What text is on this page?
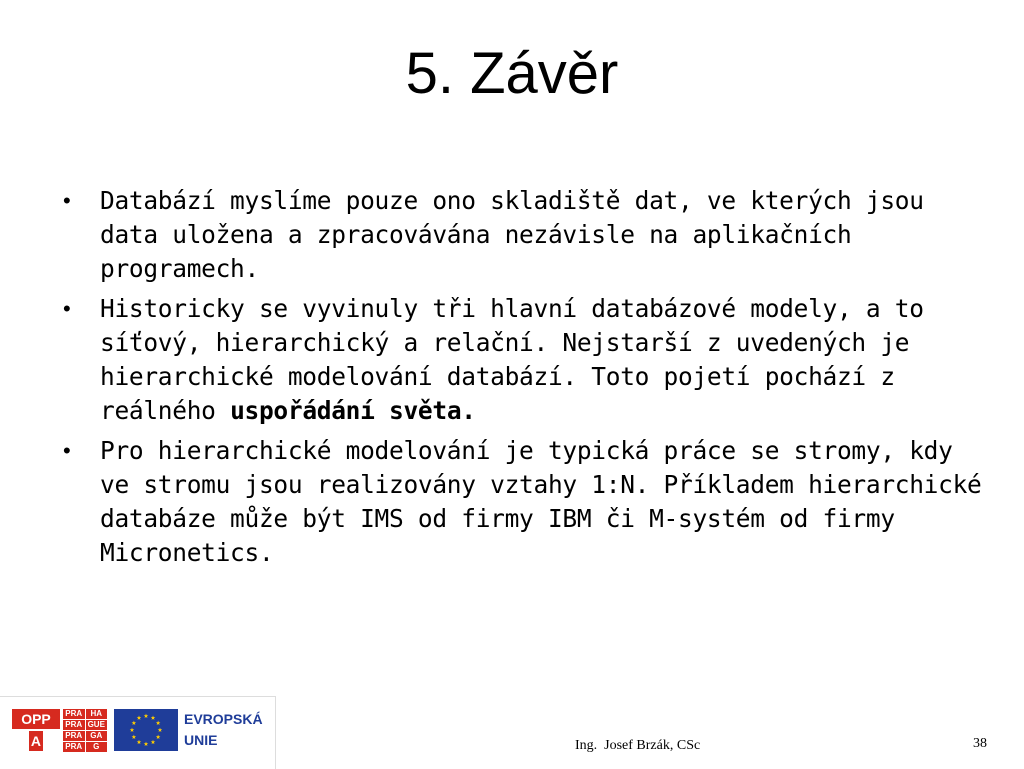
5. Závěr
• Databází myslíme pouze ono skladiště dat, ve kterých jsou data uložena a zpracovávána nezávisle na aplikačních programech.
• Historicky se vyvinuly tři hlavní databázové modely, a to síťový, hierarchický a relační. Nejstarší z uvedených je hierarchické modelování databází. Toto pojetí pochází z reálného uspořádání světa.
• Pro hierarchické modelování je typická práce se stromy, kdy ve stromu jsou realizovány vztahy 1:N. Příkladem hierarchické databáze může být IMS od firmy IBM či M-systém od firmy Micronetics.
OPP
A
PRA	HA
PRA GUE
PRA	GA
PRA	G
EVROPSKÁ
UNIE	Ing.  Josef Brzák, CSc	38
